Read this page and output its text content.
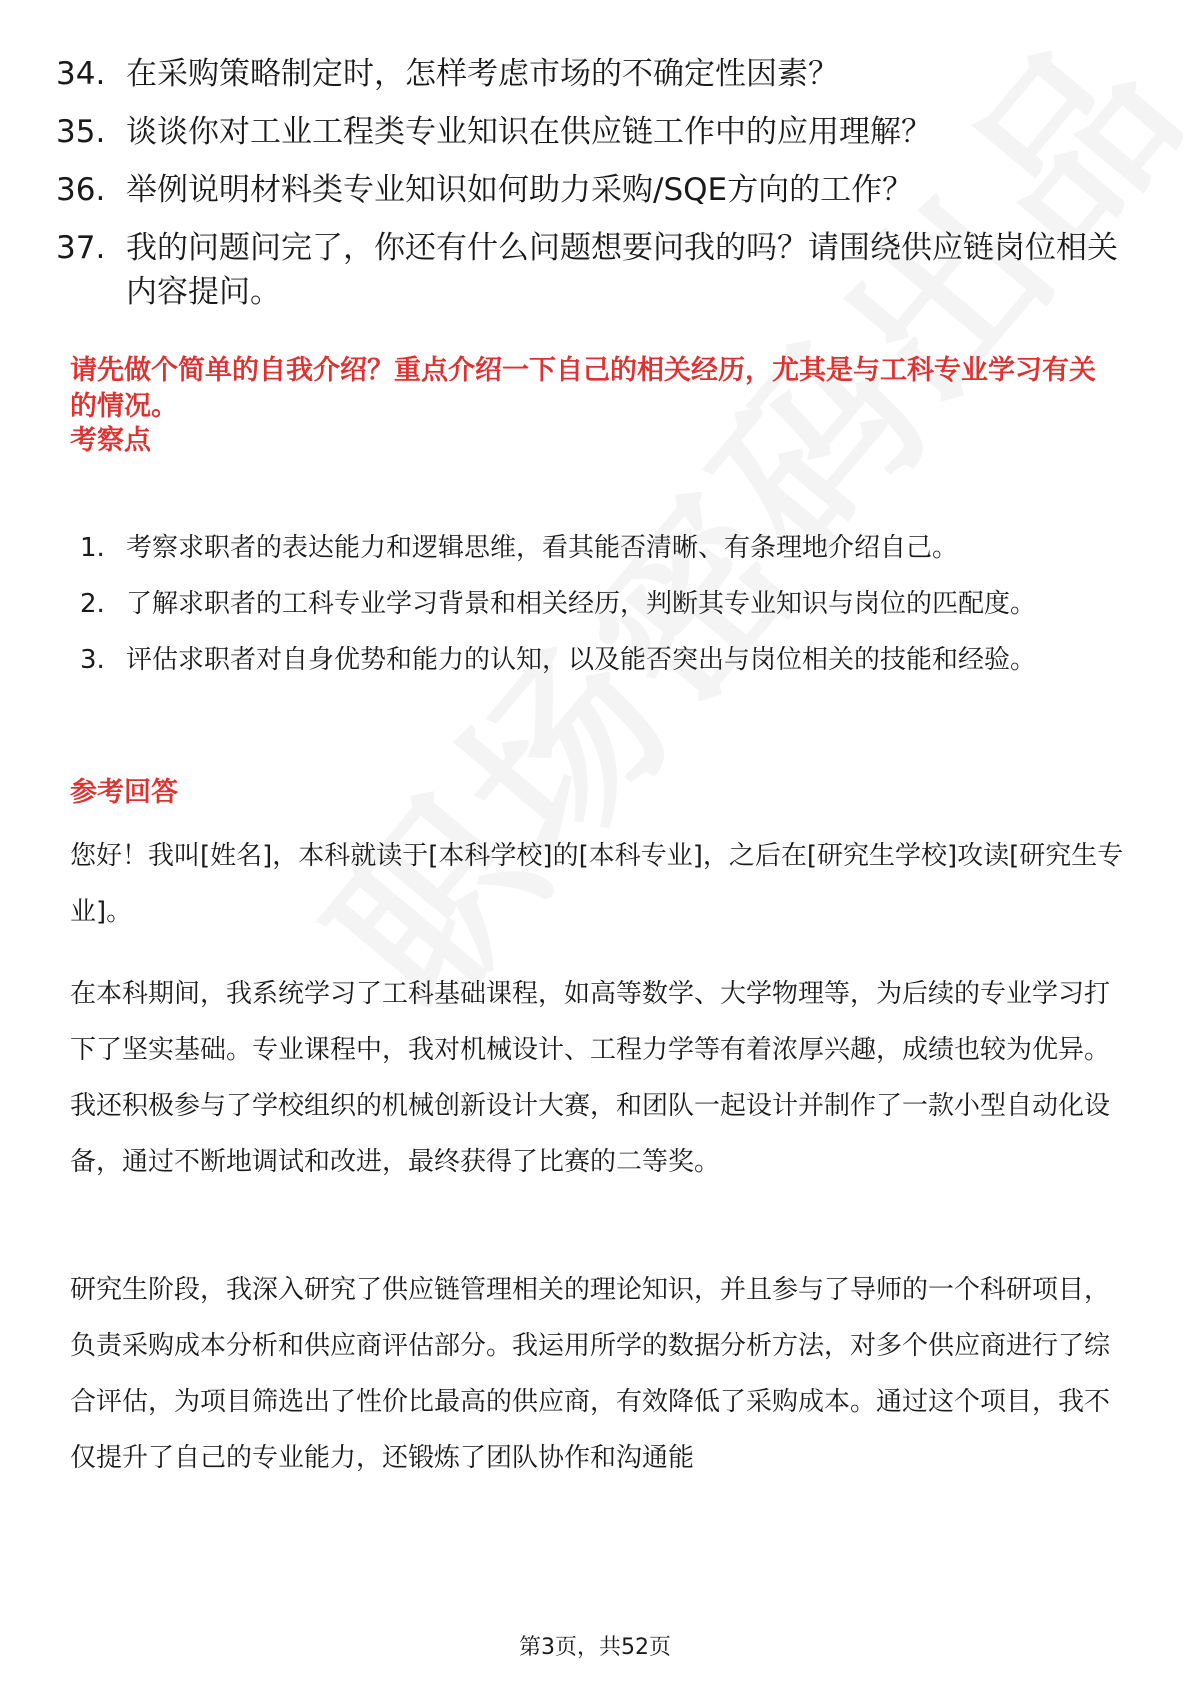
34. 在采购策略制定时，怎样考虑市场的不确定性因素？
35. 谈谈你对工业工程类专业知识在供应链工作中的应用理解？
36. 举例说明材料类专业知识如何助力采购/SQE方向的工作？
37. 我的问题问完了，你还有什么问题想要问我的吗？请围绕供应链岗位相关内容提问。

请先做个简单的自我介绍？重点介绍一下自己的相关经历，尤其是与工科专业学习有关的情况。

考察点
1. 考察求职者的表达能力和逻辑思维，看其能否清晰、有条理地介绍自己。
2. 了解求职者的工科专业学习背景和相关经历，判断其专业知识与岗位的匹配度。
3. 评估求职者对自身优势和能力的认知，以及能否突出与岗位相关的技能和经验。
参考回答

您好！我叫[姓名]，本科就读于[本科学校]的[本科专业]，之后在[研究生学校]攻读[研究生专业]。

在本科期间，我系统学习了工科基础课程，如高等数学、大学物理等，为后续的专业学习打下了坚实基础。专业课程中，我对机械设计、工程力学等有着浓厚兴趣，成绩也较为优异。我还积极参与了学校组织的机械创新设计大赛，和团队一起设计并制作了一款小型自动化设备，通过不断地调试和改进，最终获得了比赛的二等奖。

研究生阶段，我深入研究了供应链管理相关的理论知识，并且参与了导师的一个科研项目，负责采购成本分析和供应商评估部分。我运用所学的数据分析方法，对多个供应商进行了综合评估，为项目筛选出了性价比最高的供应商，有效降低了采购成本。通过这个项目，我不仅提升了自己的专业能力，还锻炼了团队协作和沟通能

第3页，共52页
